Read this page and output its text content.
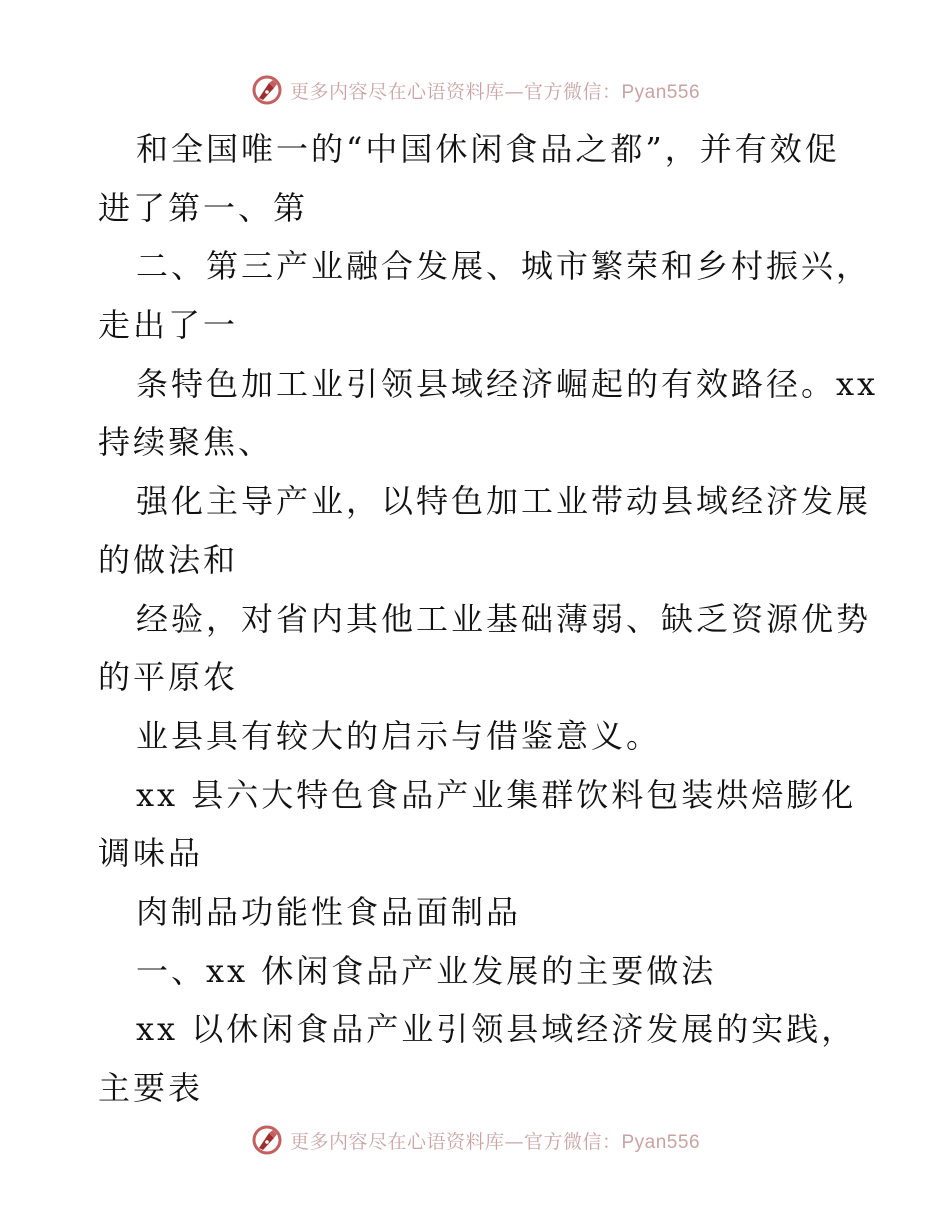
更多内容尽在心语资料库—官方微信：Pyan556
和全国唯一的“中国休闲食品之都”，并有效促
进了第一、第
二、第三产业融合发展、城市繁荣和乡村振兴，
走出了一
条特色加工业引领县域经济崛起的有效路径。xx
持续聚焦、
强化主导产业，以特色加工业带动县域经济发展
的做法和
经验，对省内其他工业基础薄弱、缺乏资源优势
的平原农
业县具有较大的启示与借鉴意义。
xx 县六大特色食品产业集群饮料包装烘焙膨化
调味品
肉制品功能性食品面制品
一、xx 休闲食品产业发展的主要做法
xx 以休闲食品产业引领县域经济发展的实践，
主要表
更多内容尽在心语资料库—官方微信：Pyan556
